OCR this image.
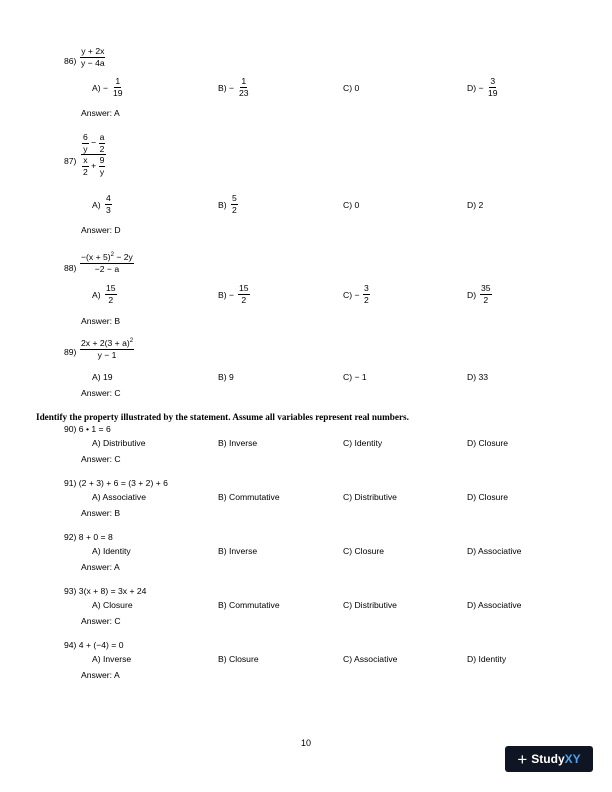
$86) \frac{y + 2x}{y - 4a}$
$A) - \frac{1}{19}$	$B) - \frac{1}{23}$	C) 0	$D) - \frac{3}{19}$
Answer: A
$87) \frac{\frac{6}{y} - \frac{a}{2}}{\frac{x}{2} + \frac{9}{y}}$
$A) \frac{4}{3}$	$B) \frac{5}{2}$	C) 0	D) 2
Answer: D
$88) \frac{-(x + 5)^2 - 2y}{-2 - a}$
$A) \frac{15}{2}$	$B) - \frac{15}{2}$	$C) - \frac{3}{2}$	$D) \frac{35}{2}$
Answer: B
$89) \frac{2x + 2(3 + a)^2}{y - 1}$
A) 19	B) 9	C) − 1	D) 33
Answer: C
Identify the property illustrated by the statement. Assume all variables represent real numbers.
90) 6 • 1 = 6
A) Distributive	B) Inverse	C) Identity	D) Closure
Answer: C
91) (2 + 3) + 6 = (3 + 2) + 6
A) Associative	B) Commutative	C) Distributive	D) Closure
Answer: B
92) 8 + 0 = 8
A) Identity	B) Inverse	C) Closure	D) Associative
Answer: A
93) 3(x + 8) = 3x + 24
A) Closure	B) Commutative	C) Distributive	D) Associative
Answer: C
94) 4 + (−4) = 0
A) Inverse	B) Closure	C) Associative	D) Identity
Answer: A
10
+ Study XY
